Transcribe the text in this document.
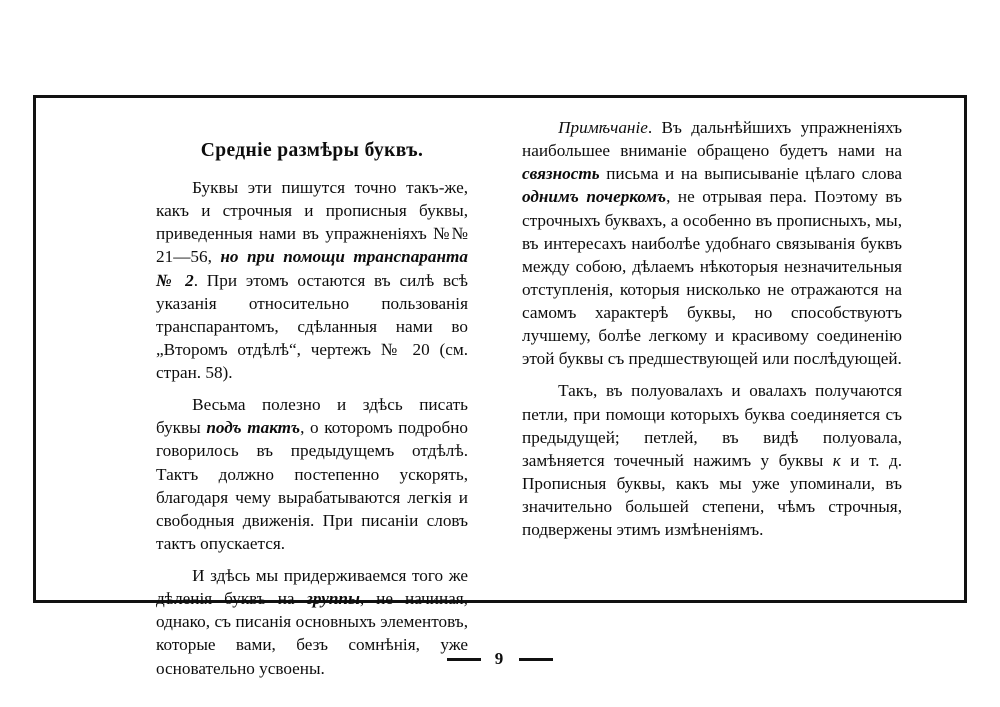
Среднiе размѣры буквъ.

Буквы эти пишутся точно такъ-же, какъ и строчныя и прописныя буквы, приведенныя нами въ упражненiяхъ №№ 21—56, но при помощи транспаранта № 2. При этомъ остаются въ силѣ всѣ указанiя относительно пользованiя транспарантомъ, сдѣланныя нами во „Второмъ отдѣлѣ“, чертежъ № 20 (см. стран. 58).

Весьма полезно и здѣсь писать буквы подъ тактъ, о которомъ подробно говорилось въ предыдущемъ отдѣлѣ. Тактъ должно постепенно ускорять, благодаря чему вырабатываются легкiя и свободныя движенiя. При писанiи словъ тактъ опускается.

И здѣсь мы придерживаемся того же дѣленiя буквъ на группы, не начиная, однако, съ писанiя основныхъ элементовъ, которые вами, безъ сомнѣнiя, уже основательно усвоены.

Примѣчанiе. Въ дальнѣйшихъ упражненiяхъ наибольшее вниманiе обращено будетъ нами на связность письма и на выписыванiе цѣлаго слова однимъ почеркомъ, не отрывая пера. Поэтому въ строчныхъ буквахъ, а особенно въ прописныхъ, мы, въ интересахъ наиболѣе удобнаго связыванiя буквъ между собою, дѣлаемъ нѣкоторыя незначительныя отступленiя, которыя нисколько не отражаются на самомъ характерѣ буквы, но способствуютъ лучшему, болѣе легкому и красивому соединенiю этой буквы съ предшествующей или послѣдующей.

Такъ, въ полуовалахъ и овалахъ получаются петли, при помощи которыхъ буква соединяется съ предыдущей; петлей, въ видѣ полуовала, замѣняется точечный нажимъ у буквы к и т. д. Прописныя буквы, какъ мы уже упоминали, въ значительно большей степени, чѣмъ строчныя, подвержены этимъ измѣненiямъ.

9
